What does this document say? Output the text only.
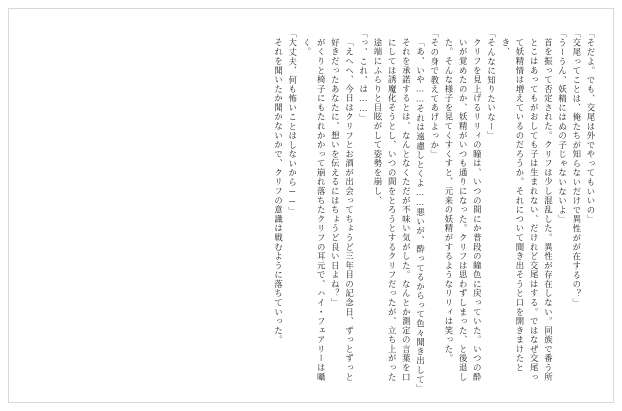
「そだよ。でも、交尾は外でやってもいいの」
「交尾ってことは、俺たちが知らないだけで異性がが在するの？」
「うーうん、妖精にはぬの子じゃないないよ」
首を振って否定された。クリフは少し混乱した。異性が存在しない。同族で番う所とこはあってもがおしても子は生まれない、だけれど交尾はする。ではなぜ交尾って妖精情は増えているのだろうか。それについて聞き出そうと口を開きまけたとき、
「そんなに知りたいなー」
クリフを見上げるリリィの瞳は、いつの間にか普段の瞳色に戻っていた。いつの酔いが覚めたのか、妖精がいつも通りになった。クリフは思わずしまった、と後退した。そんな様子を見てくすくすと、元来の妖精がするようなリリィは笑った。
「その身で教えてあげよっか」
「あ、いや……それは遠慮しとくよ……悪いが、酔ってるからって色々聞き出して」
それを承諾するとは、なんとなくただが不味い気がした。なんとか測定の言葉を口にしては誘魔化そうとし、いつの間をとろうとするクリフだったが、立ち上がった途端にふらりと目眩がして姿勢を崩し、
「っ、これ、は……」
「えへへ、今日はクリフとお酒が出会ってちょうど三年目の記念日、ずっとずっと好きだったあなたに、想いを伝えるにはちょうど良い日よね？」
がくりと椅子にもたれかかって崩れ落ちたクリフの耳元で、ハイ・フェアリーは囁く。
「大丈夫、何も怖いことはしないから──」
それを聞いたか聞かないかで、クリフの意識は戦むように落ちていった。
